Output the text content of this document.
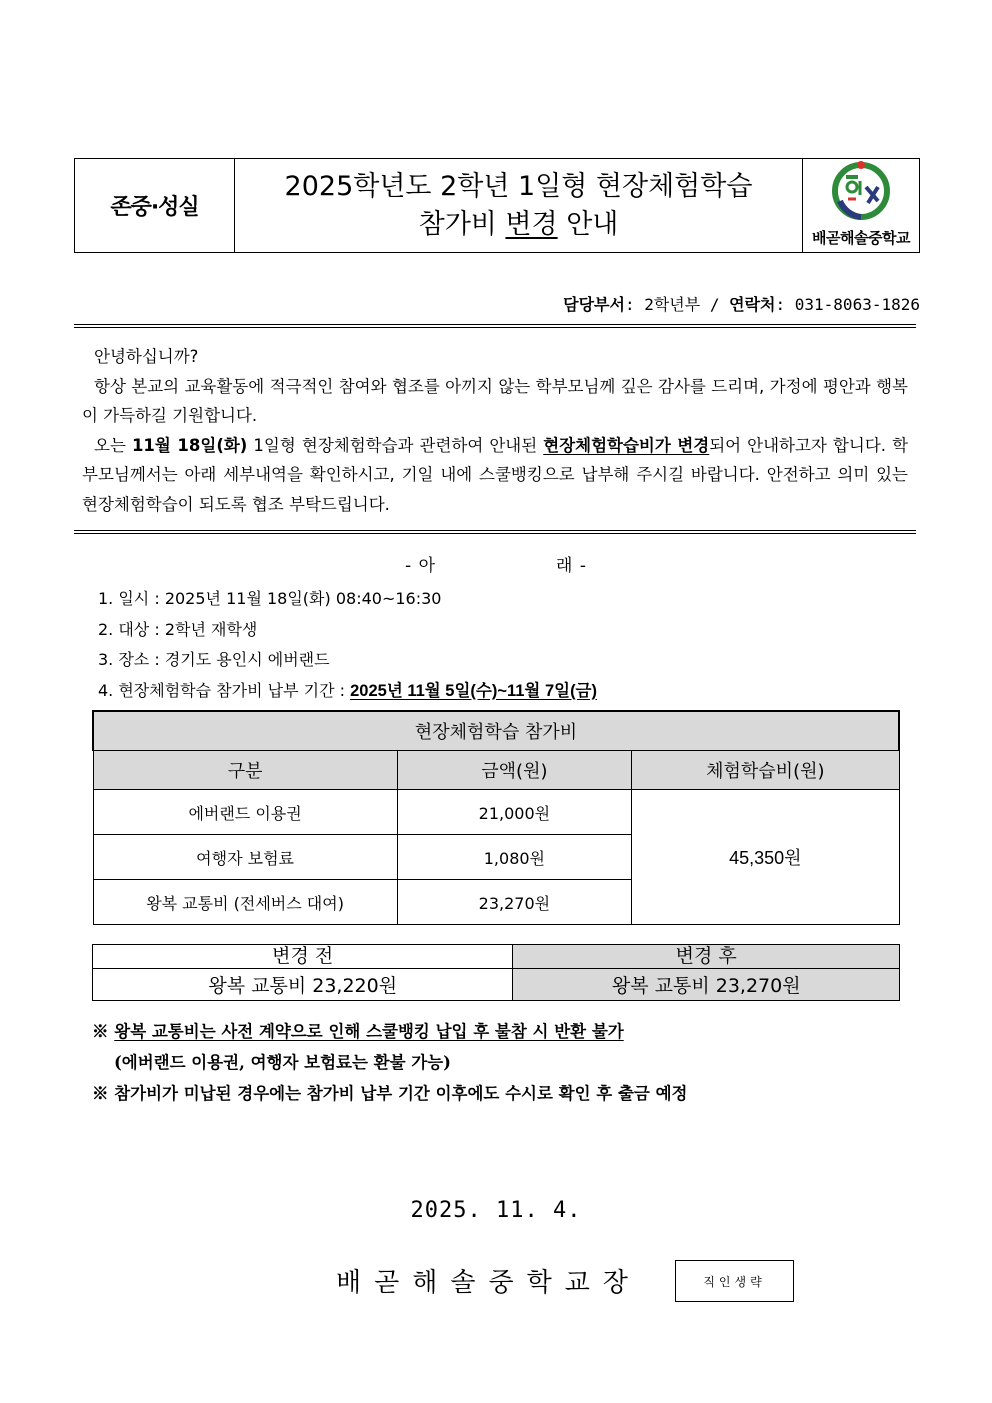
존중·성실
2025학년도 2학년 1일형 현장체험학습
참가비 변경 안내	배곧해솔중학교
담당부서: 2학년부 / 연락처: 031-8063-1826

안녕하십니까?

항상 본교의 교육활동에 적극적인 참여와 협조를 아끼지 않는 학부모님께 깊은 감사를 드리며, 가정에 평안과 행복이 가득하길 기원합니다.

오는 11월 18일(화) 1일형 현장체험학습과 관련하여 안내된 현장체험학습비가 변경되어 안내하고자 합니다. 학부모님께서는 아래 세부내역을 확인하시고, 기일 내에 스쿨뱅킹으로 납부해 주시길 바랍니다. 안전하고 의미 있는 현장체험학습이 되도록 협조 부탁드립니다.

- 아	래 -
1. 일시 : 2025년 11월 18일(화) 08:40~16:30
2. 대상 : 2학년 재학생
3. 장소 : 경기도 용인시 에버랜드
4. 현장체험학습 참가비 납부 기간 : 2025년 11월 5일(수)~11월 7일(금)
현장체험학습 참가비		
구분	금액(원)	체험학습비(원)
에버랜드 이용권	21,000원	45,350원
여행자 보험료	1,080원	
왕복 교통비 (전세버스 대여)	23,270원	
변경 전	변경 후
왕복 교통비 23,220원	왕복 교통비 23,270원
※ 왕복 교통비는 사전 계약으로 인해 스쿨뱅킹 납입 후 불참 시 반환 불가
(에버랜드 이용권, 여행자 보험료는 환불 가능)
※ 참가비가 미납된 경우에는 참가비 납부 기간 이후에도 수시로 확인 후 출금 예정
2025. 11. 4.
배곧해솔중학교장	직인생략
